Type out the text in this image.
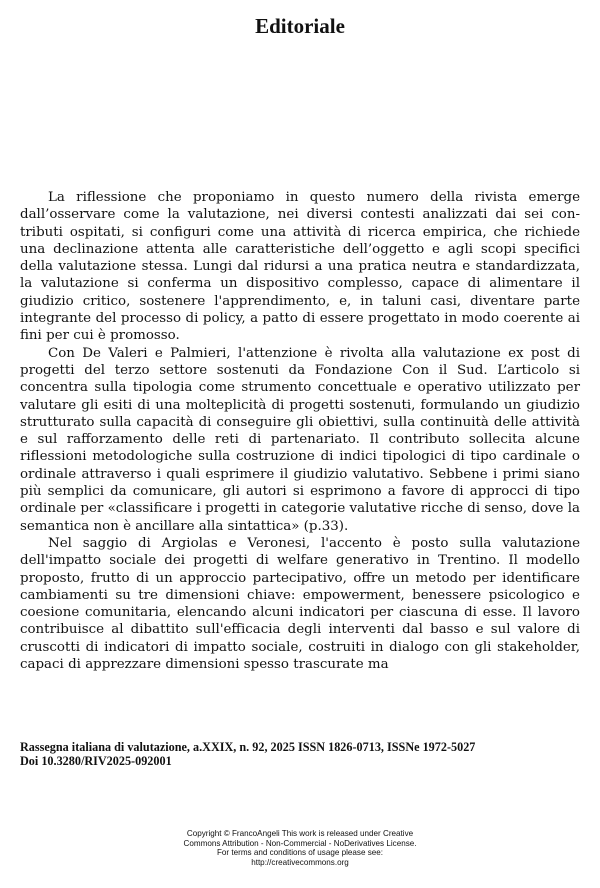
Editoriale

La riflessione che proponiamo in questo numero della rivista emerge dall’osservare come la valutazione, nei diversi contesti analizzati dai sei contributi ospitati, si configuri come una attività di ricerca empirica, che richiede una declinazione attenta alle caratteristiche dell’oggetto e agli scopi specifici della valutazione stessa. Lungi dal ridursi a una pratica neutra e standardizzata, la valutazione si conferma un dispositivo complesso, capace di alimentare il giudizio critico, sostenere l'apprendimento, e, in taluni casi, diventare parte integrante del processo di policy, a patto di essere progettato in modo coerente ai fini per cui è promosso.

Con De Valeri e Palmieri, l'attenzione è rivolta alla valutazione ex post di progetti del terzo settore sostenuti da Fondazione Con il Sud. L’articolo si concentra sulla tipologia come strumento concettuale e operativo utilizzato per valutare gli esiti di una molteplicità di progetti sostenuti, formulando un giudizio strutturato sulla capacità di conseguire gli obiettivi, sulla continuità delle attività e sul rafforzamento delle reti di partenariato. Il contributo sollecita alcune riflessioni metodologiche sulla costruzione di indici tipologici di tipo cardinale o ordinale attraverso i quali esprimere il giudizio valutativo. Sebbene i primi siano più semplici da comunicare, gli autori si esprimono a favore di approcci di tipo ordinale per «classificare i progetti in categorie valutative ricche di senso, dove la semantica non è ancillare alla sintattica» (p.33).

Nel saggio di Argiolas e Veronesi, l'accento è posto sulla valutazione dell'impatto sociale dei progetti di welfare generativo in Trentino. Il modello proposto, frutto di un approccio partecipativo, offre un metodo per identificare cambiamenti su tre dimensioni chiave: empowerment, benessere psicologico e coesione comunitaria, elencando alcuni indicatori per ciascuna di esse. Il lavoro contribuisce al dibattito sull'efficacia degli interventi dal basso e sul valore di cruscotti di indicatori di impatto sociale, costruiti in dialogo con gli stakeholder, capaci di apprezzare dimensioni spesso trascurate ma

Rassegna italiana di valutazione, a.XXIX, n. 92, 2025 ISSN 1826-0713, ISSNe 1972-5027
Doi 10.3280/RIV2025-092001
Copyright © FrancoAngeli This work is released under Creative
Commons Attribution - Non-Commercial - NoDerivatives License.
For terms and conditions of usage please see:
http://creativecommons.org
